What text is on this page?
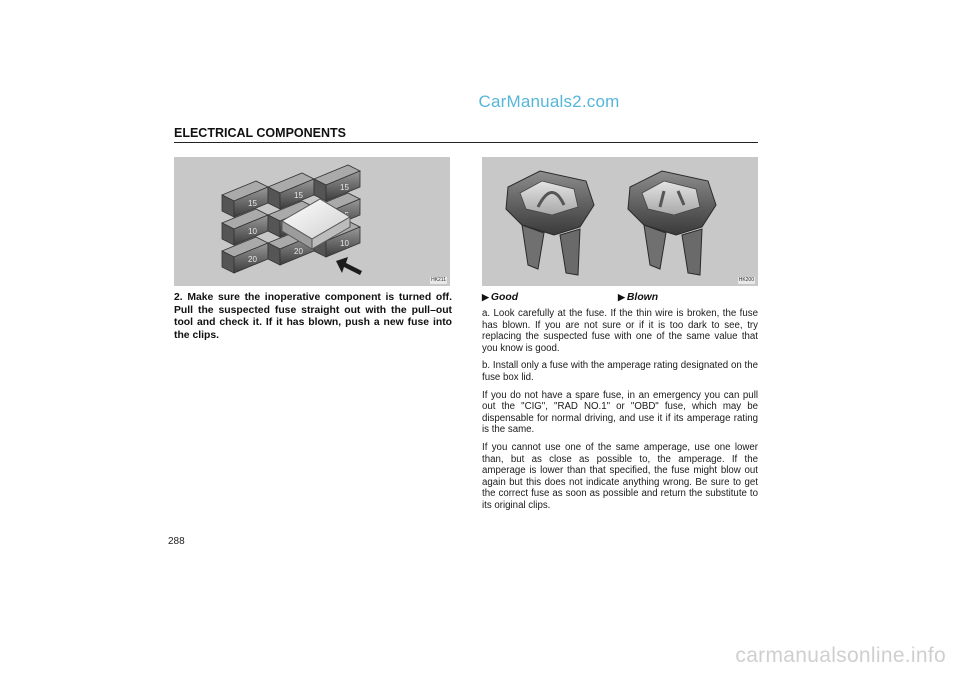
CarManuals2.com
ELECTRICAL COMPONENTS
15
15
15
10
20
20
10
HK211	HK200
2. Make sure the inoperative component is turned off. Pull the suspected fuse straight out with the pull–out tool and check it. If it has blown, push a new fuse into the clips.
▶ Good	▶ Blown

a. Look carefully at the fuse. If the thin wire is broken, the fuse has blown. If you are not sure or if it is too dark to see, try replacing the suspected fuse with one of the same value that you know is good.

b. Install only a fuse with the amperage rating designated on the fuse box lid.

If you do not have a spare fuse, in an emergency you can pull out the "CIG", "RAD NO.1" or "OBD" fuse, which may be dispensable for normal driving, and use it if its amperage rating is the same.

If you cannot use one of the same amperage, use one lower than, but as close as possible to, the amperage. If the amperage is lower than that specified, the fuse might blow out again but this does not indicate anything wrong. Be sure to get the correct fuse as soon as possible and return the substitute to its original clips.

288
carmanualsonline.info
